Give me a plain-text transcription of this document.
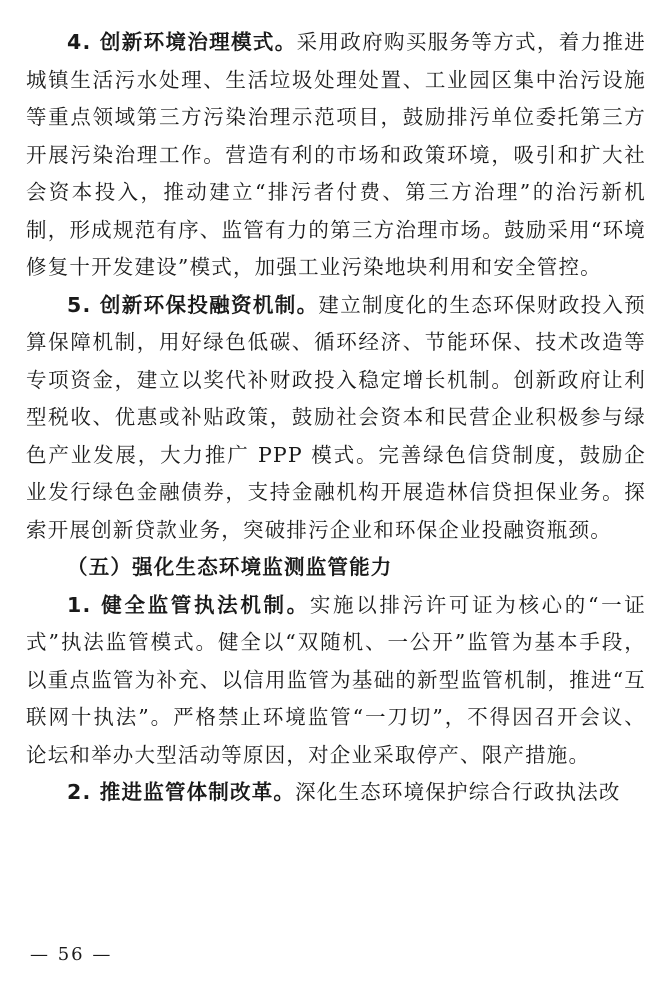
4. 创新环境治理模式。采用政府购买服务等方式，着力推进城镇生活污水处理、生活垃圾处理处置、工业园区集中治污设施等重点领域第三方污染治理示范项目，鼓励排污单位委托第三方开展污染治理工作。营造有利的市场和政策环境，吸引和扩大社会资本投入，推动建立“排污者付费、第三方治理”的治污新机制，形成规范有序、监管有力的第三方治理市场。鼓励采用“环境修复十开发建设”模式，加强工业污染地块利用和安全管控。

5. 创新环保投融资机制。建立制度化的生态环保财政投入预算保障机制，用好绿色低碳、循环经济、节能环保、技术改造等专项资金，建立以奖代补财政投入稳定增长机制。创新政府让利型税收、优惠或补贴政策，鼓励社会资本和民营企业积极参与绿色产业发展，大力推广 PPP 模式。完善绿色信贷制度，鼓励企业发行绿色金融债券，支持金融机构开展造林信贷担保业务。探索开展创新贷款业务，突破排污企业和环保企业投融资瓶颈。

（五）强化生态环境监测监管能力

1. 健全监管执法机制。实施以排污许可证为核心的“一证式”执法监管模式。健全以“双随机、一公开”监管为基本手段，以重点监管为补充、以信用监管为基础的新型监管机制，推进“互联网十执法”。严格禁止环境监管“一刀切”，不得因召开会议、论坛和举办大型活动等原因，对企业采取停产、限产措施。

2. 推进监管体制改革。深化生态环境保护综合行政执法改

— 56 —
